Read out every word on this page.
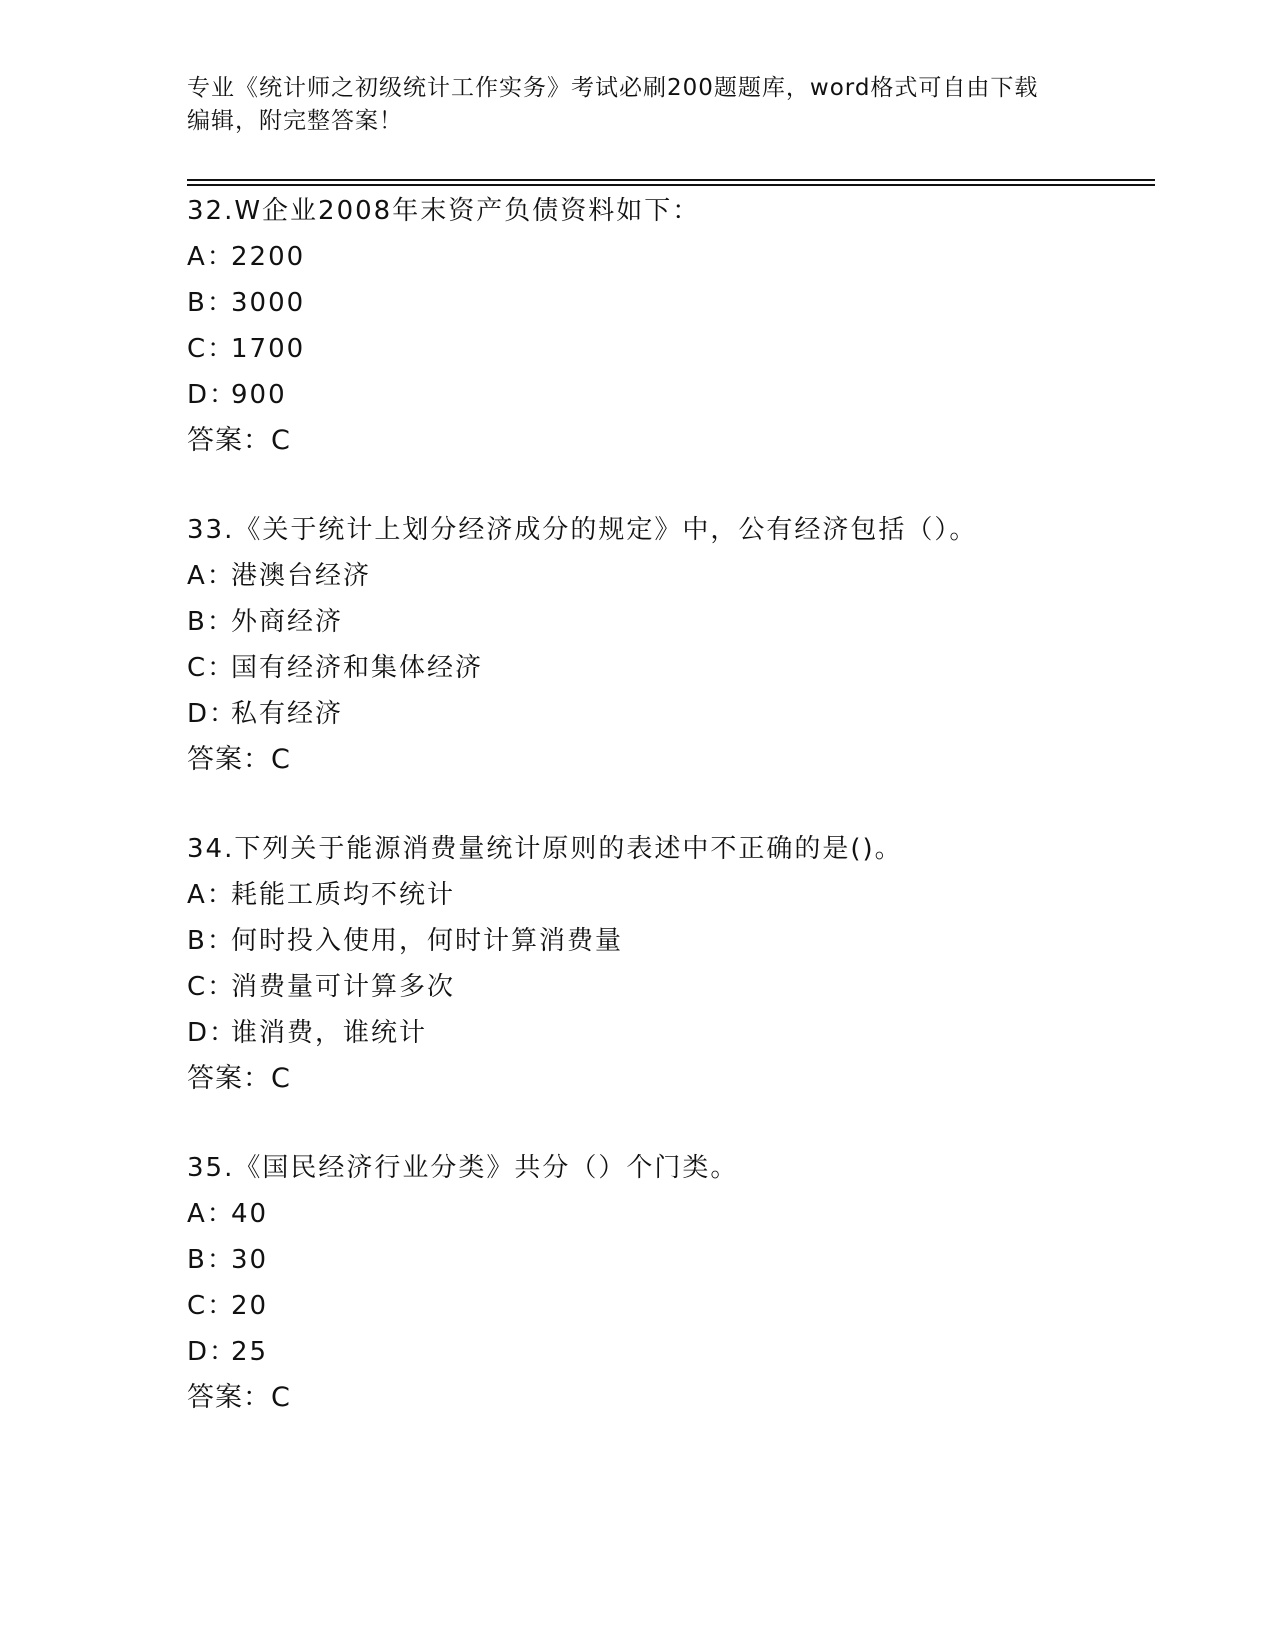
专业《统计师之初级统计工作实务》考试必刷200题题库，word格式可自由下载
编辑，附完整答案！
32.W企业2008年末资产负债资料如下：
A：2200
B：3000
C：1700
D：900
答案：C
33.《关于统计上划分经济成分的规定》中，公有经济包括（）。
A：港澳台经济
B：外商经济
C：国有经济和集体经济
D：私有经济
答案：C
34.下列关于能源消费量统计原则的表述中不正确的是()。
A：耗能工质均不统计
B：何时投入使用，何时计算消费量
C：消费量可计算多次
D：谁消费，谁统计
答案：C
35.《国民经济行业分类》共分（）个门类。
A：40
B：30
C：20
D：25
答案：C
